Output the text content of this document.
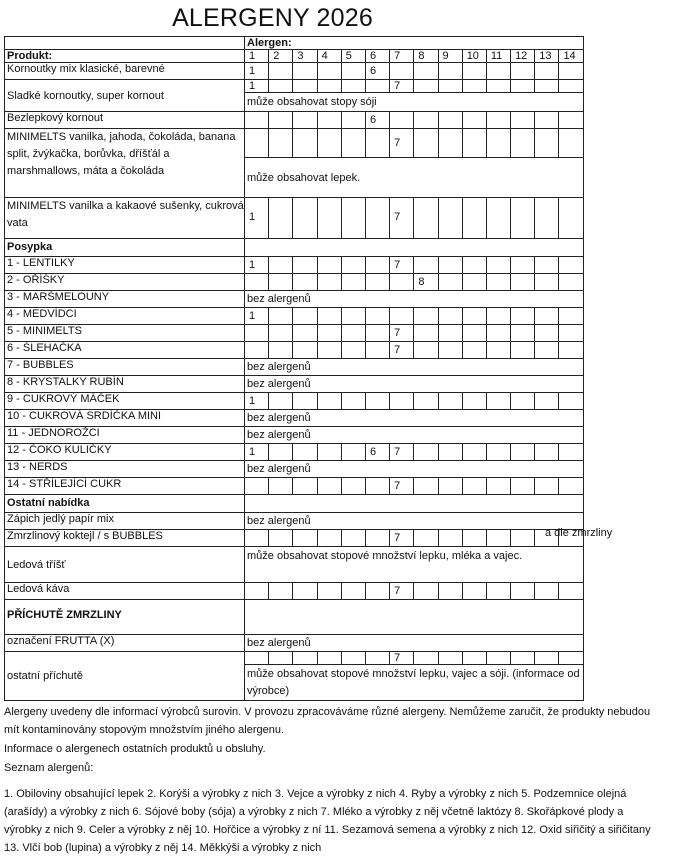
ALERGENY 2026
	Alergen:													
Produkt:	1	2	3	4	5	6	7	8	9	10	11	12	13	14
Kornoutky mix klasické, barevné	1					6								
Sladké kornoutky, super kornout	1						7							
	může obsahovat stopy sóji													
Bezlepkový kornout						6								
MINIMELTS vanilka, jahoda, čokoláda, banana split, žvýkačka, borůvka, dříšťál a marshmallows, máta a čokoláda							7							
	může obsahovat lepek.													
MINIMELTS vanilka a kakaové sušenky, cukrová vata	1						7							
Posypka														
1 - LENTILKY	1						7							
2 - OŘÍŠKY								8						
3 - MARŠMELOUNY	bez alergenů													
4 - MEDVÍDCI	1													
5 - MINIMELTS							7							
6 - ŠLEHAČKA							7							
7 - BUBBLES	bez alergenů													
8 - KRYSTALKY RUBÍN	bez alergenů													
9 - CUKROVÝ MÁČEK	1													
10 - CUKROVÁ SRDÍČKA MINI	bez alergenů													
11 - JEDNOROŽCI	bez alergenů													
12 - ČOKO KULIČKY	1					6	7							
13 - NERDS	bez alergenů													
14 - STŘÍLEJÍCÍ CUKR							7							
Ostatní nabídka														
Zápich jedlý papír mix	bez alergenů													
Zmrzlinový koktejl / s BUBBLES							7							
Ledová tříšť	může obsahovat stopové množství lepku, mléka a vajec.													
Ledová káva							7							
PŘÍCHUTĚ ZMRZLINY														
označení FRUTTA (X)	bez alergenů													
ostatní příchutě							7							
	může obsahovat stopové množství lepku, vajec a sóji. (informace od výrobce)													
a dle zmrzliny

Alergeny uvedeny dle informací výrobců surovin. V provozu zpracováváme různé alergeny. Nemůžeme zaručit, že produkty nebudou mít kontaminovány stopovým množstvím jiného alergenu.

Informace o alergenech ostatních produktů u obsluhy.

Seznam alergenů:

1. Obiloviny obsahující lepek 2. Korýši a výrobky z nich 3. Vejce a výrobky z nich 4. Ryby a výrobky z nich 5. Podzemnice olejná (arašídy) a výrobky z nich 6. Sójové boby (sója) a výrobky z nich 7. Mléko a výrobky z něj včetně laktózy 8. Skořápkové plody a výrobky z nich 9. Celer a výrobky z něj 10. Hořčice a výrobky z ní 11. Sezamová semena a výrobky z nich 12. Oxid siřičitý a siřičitany 13. Vlčí bob (lupina) a výrobky z něj 14. Měkkýši a výrobky z nich
